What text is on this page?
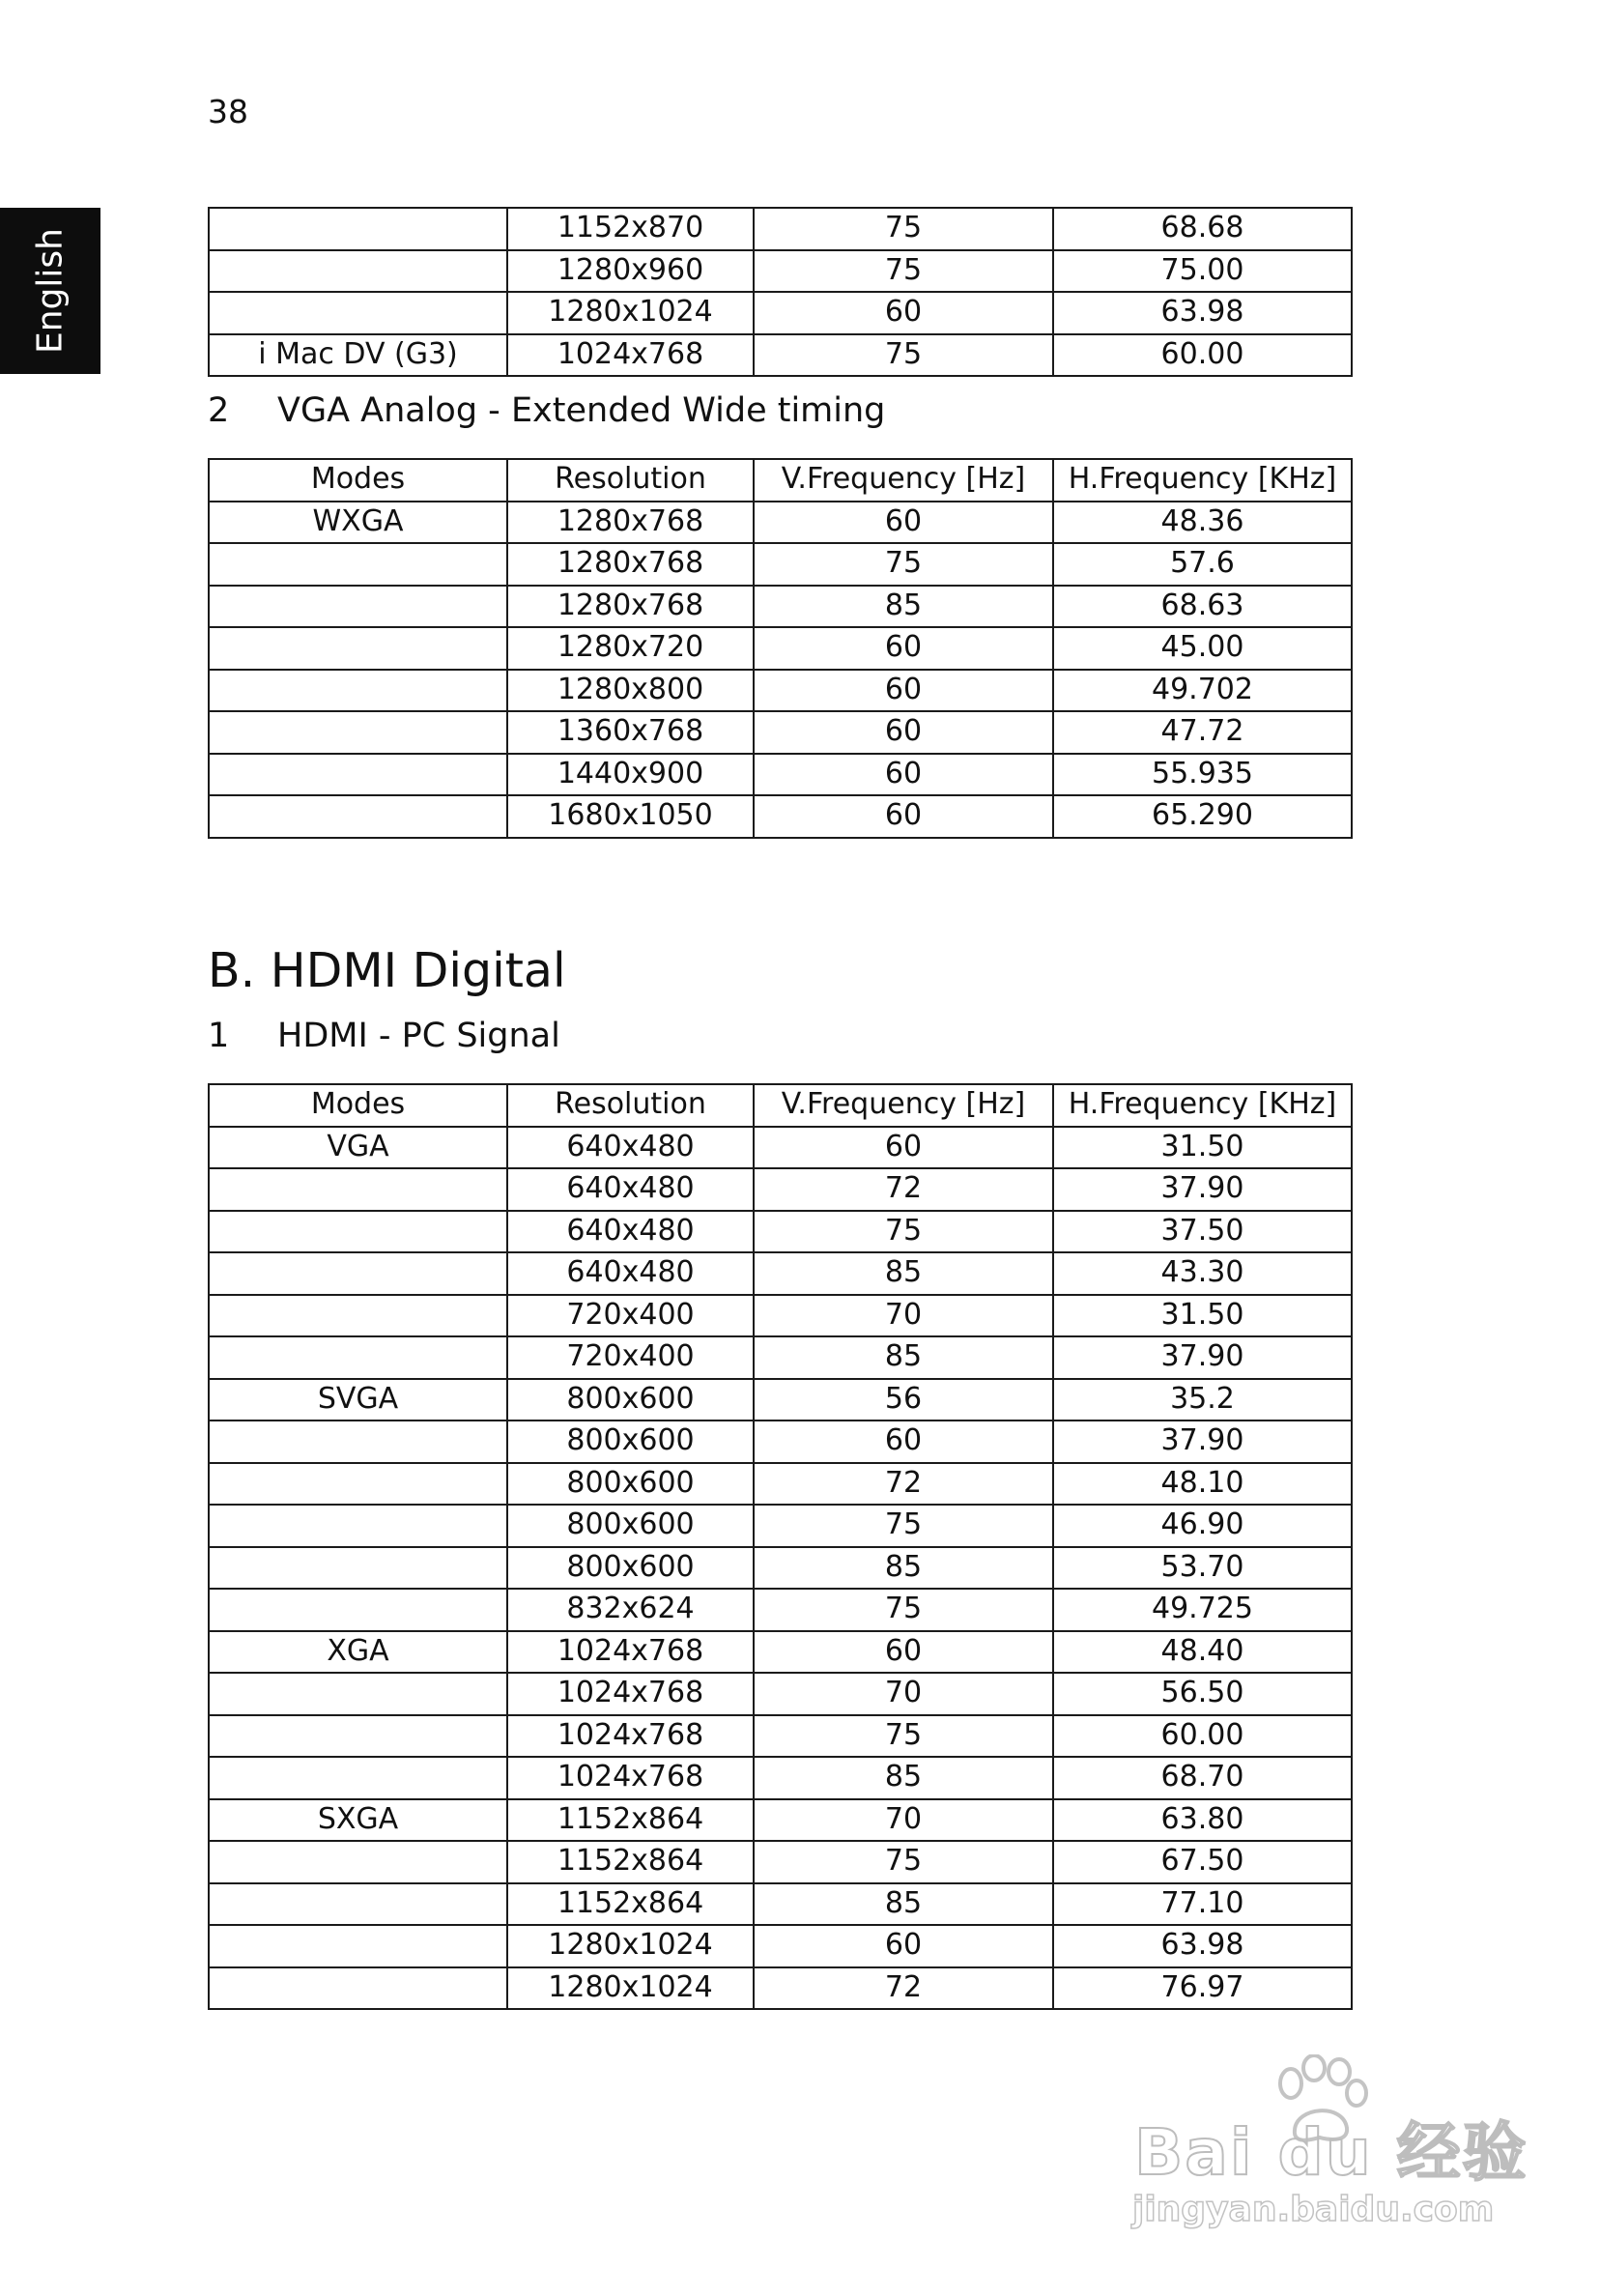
38
English
	1152x870	75	68.68
	1280x960	75	75.00
	1280x1024	60	63.98
i Mac DV (G3)	1024x768	75	60.00
2 VGA Analog - Extended Wide timing
Modes	Resolution	V.Frequency [Hz]	H.Frequency [KHz]
WXGA	1280x768	60	48.36
	1280x768	75	57.6
	1280x768	85	68.63
	1280x720	60	45.00
	1280x800	60	49.702
	1360x768	60	47.72
	1440x900	60	55.935
	1680x1050	60	65.290
B. HDMI Digital
1 HDMI - PC Signal
Modes	Resolution	V.Frequency [Hz]	H.Frequency [KHz]
VGA	640x480	60	31.50
	640x480	72	37.90
	640x480	75	37.50
	640x480	85	43.30
	720x400	70	31.50
	720x400	85	37.90
SVGA	800x600	56	35.2
	800x600	60	37.90
	800x600	72	48.10
	800x600	75	46.90
	800x600	85	53.70
	832x624	75	49.725
XGA	1024x768	60	48.40
	1024x768	70	56.50
	1024x768	75	60.00
	1024x768	85	68.70
SXGA	1152x864	70	63.80
	1152x864	75	67.50
	1152x864	85	77.10
	1280x1024	60	63.98
	1280x1024	72	76.97
Bai du 经验
jingyan.baidu.com
